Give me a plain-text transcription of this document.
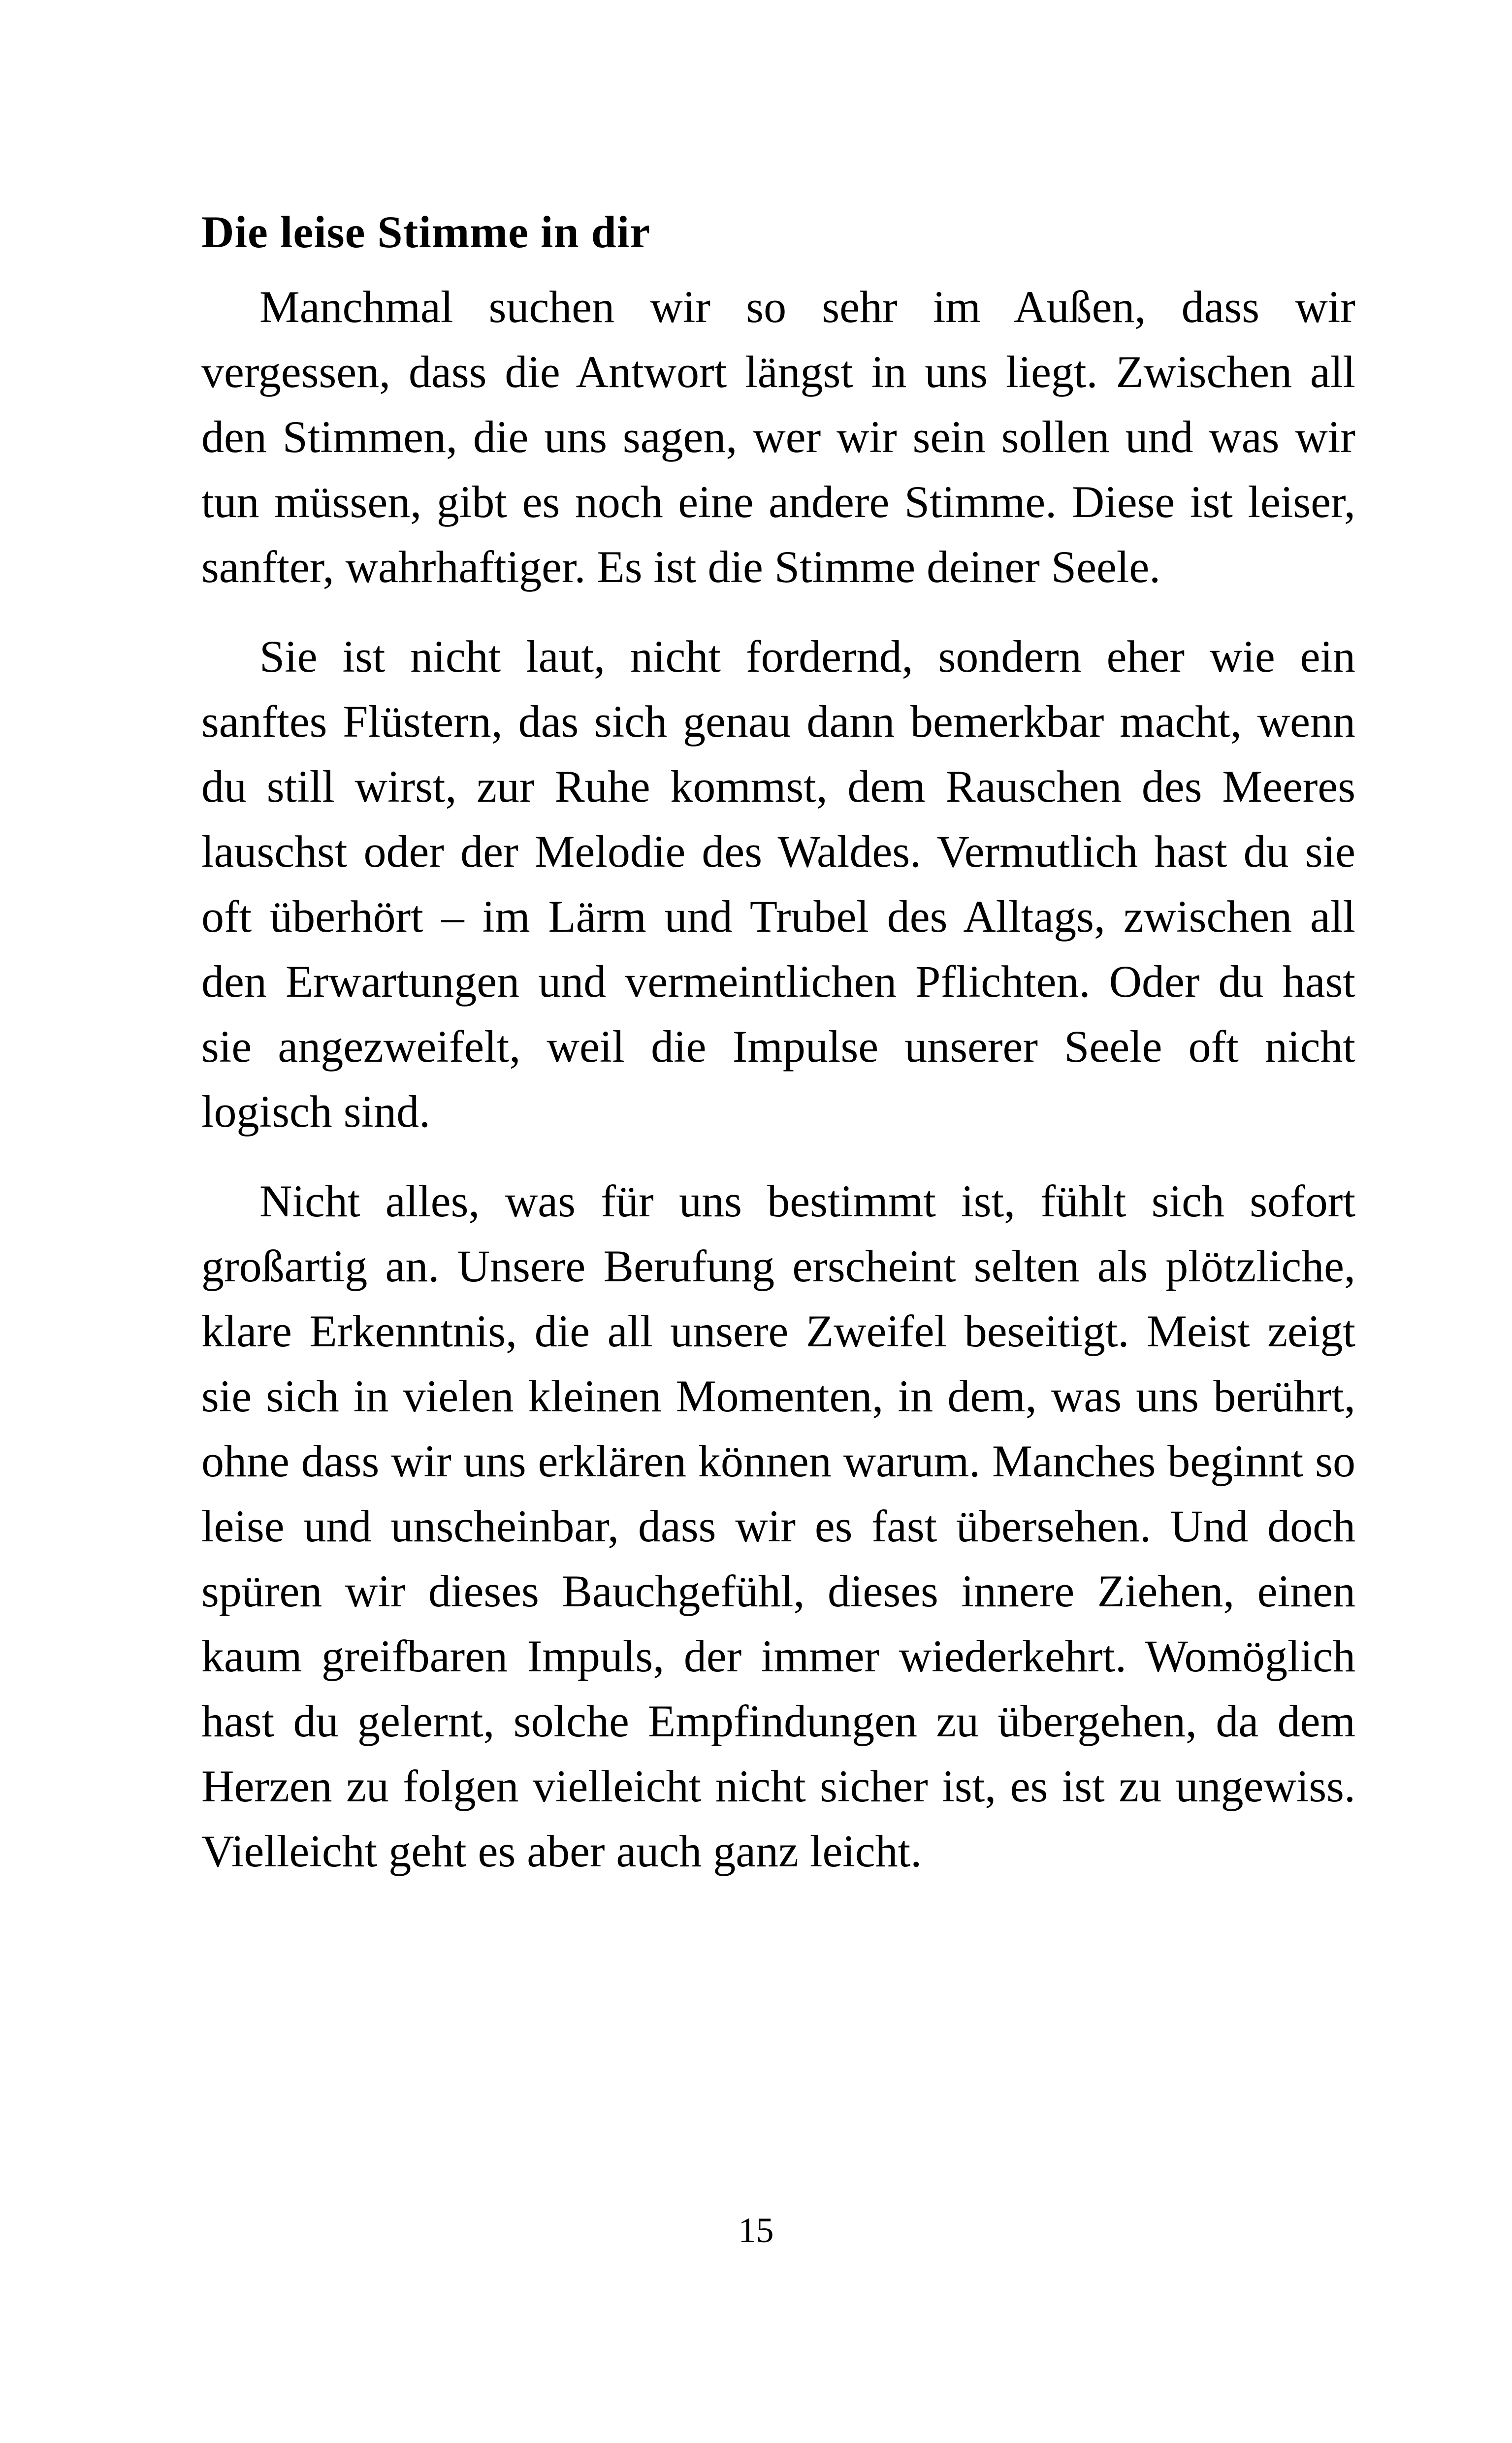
Die leise Stimme in dir

Manchmal suchen wir so sehr im Außen, dass wir vergessen, dass die Antwort längst in uns liegt. Zwischen all den Stimmen, die uns sagen, wer wir sein sollen und was wir tun müssen, gibt es noch eine andere Stimme. Diese ist leiser, sanfter, wahrhaftiger. Es ist die Stimme deiner Seele.

Sie ist nicht laut, nicht fordernd, sondern eher wie ein sanftes Flüstern, das sich genau dann bemerkbar macht, wenn du still wirst, zur Ruhe kommst, dem Rauschen des Meeres lauschst oder der Melodie des Waldes. Vermutlich hast du sie oft überhört – im Lärm und Trubel des Alltags, zwischen all den Erwartungen und vermeintlichen Pflichten. Oder du hast sie angezweifelt, weil die Impulse unserer Seele oft nicht logisch sind.

Nicht alles, was für uns bestimmt ist, fühlt sich sofort großartig an. Unsere Berufung erscheint selten als plötzliche, klare Erkenntnis, die all unsere Zweifel beseitigt. Meist zeigt sie sich in vielen kleinen Momenten, in dem, was uns berührt, ohne dass wir uns erklären können warum. Manches beginnt so leise und unscheinbar, dass wir es fast übersehen. Und doch spüren wir dieses Bauchgefühl, dieses innere Ziehen, einen kaum greifbaren Impuls, der immer wiederkehrt. Womöglich hast du gelernt, solche Empfindungen zu übergehen, da dem Herzen zu folgen vielleicht nicht sicher ist, es ist zu ungewiss. Vielleicht geht es aber auch ganz leicht.

15
